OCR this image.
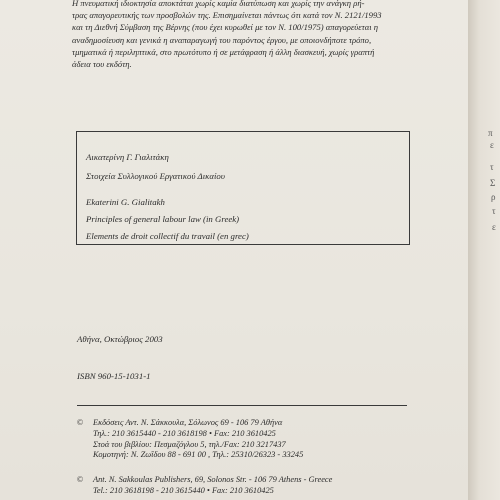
Η πνευματική ιδιοκτησία αποκτάται χωρίς καμία διατύπωση και χωρίς την ανάγκη ρή-
τρας απαγορευτικής των προσβολών της. Επισημαίνεται πάντως ότι κατά τον Ν. 2121/1993
και τη Διεθνή Σύμβαση της Βέρνης (που έχει κυρωθεί με τον Ν. 100/1975) απαγορεύεται η
αναδημοσίευση και γενικά η αναπαραγωγή του παρόντος έργου, με οποιονδήποτε τρόπο,
τμηματικά ή περιληπτικά, στο πρωτότυπο ή σε μετάφραση ή άλλη διασκευή, χωρίς γραπτή
άδεια του εκδότη.
Αικατερίνη Γ. Γιαλιτάκη
Στοιχεία Συλλογικού Εργατικού Δικαίου
Ekaterini G. Gialitakh
Principles of general labour law (in Greek)
Elements de droit collectif du travail (en grec)
Αθήνα, Οκτώβριος 2003
ISBN 960-15-1031-1
© Εκδόσεις Αντ. Ν. Σάκκουλα, Σόλωνος 69 - 106 79 Αθήνα
Τηλ.: 210 3615440 - 210 3618198 • Fax: 210 3610425
Στοά του βιβλίου: Πεσμαζόγλου 5, τηλ./Fax: 210 3217437
Κομοτηνή: Ν. Ζωΐδου 88 - 691 00 , Τηλ.: 25310/26323 - 33245
© Ant. N. Sakkoulas Publishers, 69, Solonos Str. - 106 79 Athens - Greece
Tel.: 210 3618198 - 210 3615440 • Fax: 210 3610425
π
ε
τ
Σ
ρ
τ
ε
